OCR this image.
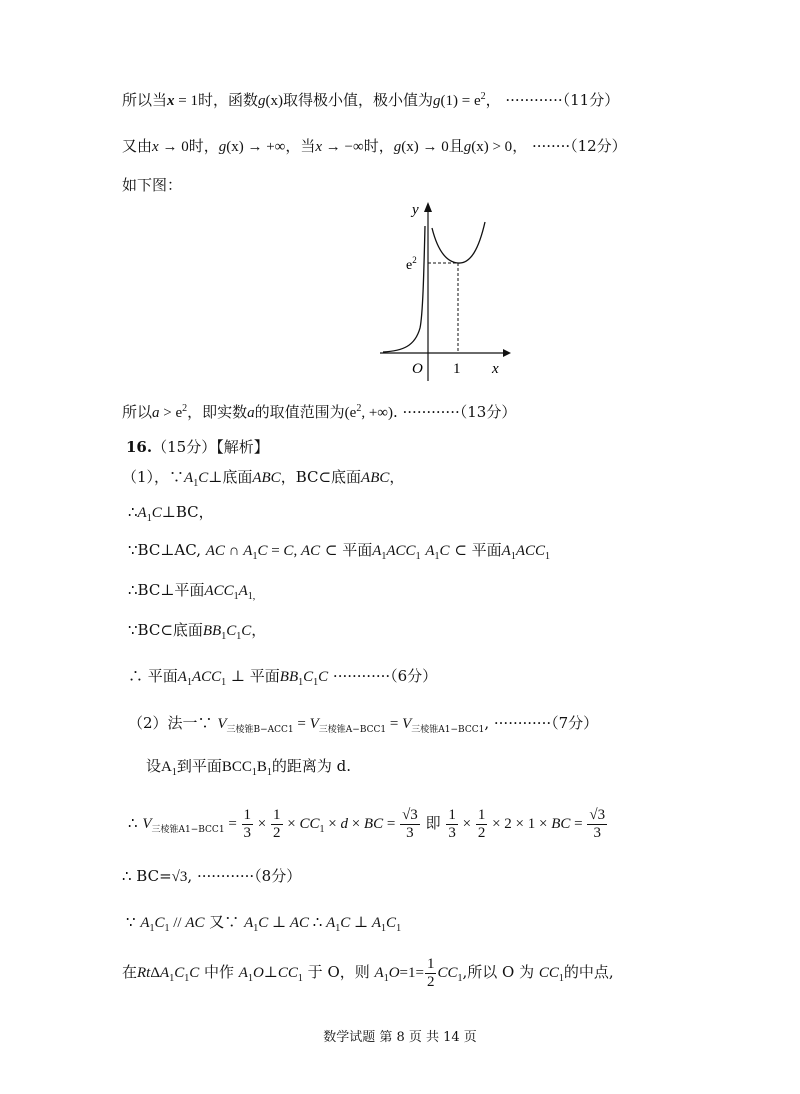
所以当x = 1时，函数g(x)取得极小值，极小值为$g(1) = e^2$， ············（11分）
又由x → 0时，g(x) → +∞，当x → −∞时，g(x) → 0且g(x) > 0， ········（12分）
如下图：
y
x
O 1
$e^2$
所以$a > e^2$，即实数a的取值范围为($e^2$, +∞). ············（13分）
16.（15分）【解析】
（1），$\because A_1C\perp$底面ABC，BC⊂底面ABC，
$\therefore A_1C\perp BC$，
∵BC⊥AC, AC ∩ $A_1C = C$, AC ⊂ 平面$A_1ACC_1$ $A_1C$ ⊂ 平面$A_1ACC_1$
∴BC⊥平面$ACC_1A_{1,}$
∵BC⊂底面$BB_1C_1C$，
∴ 平面$A_1ACC_1$ ⊥ 平面$BB_1C_1C \cdot\cdot\cdot\cdot\cdot\cdot\cdot\cdot\cdot\cdot\cdot\cdot(6$分）
（2）法一∵ $V_{三棱锥B-ACC1} = V_{三棱锥A-BCC1} = V_{三棱锥A1-BCC1}$, ············（7分）
设$A_1$到平面$BCC_1B_1$的距离为 d.
∴ $V_{三棱锥A1-BCC1} = \frac{1}{3} \times \frac{1}{2} \times CC_1 \times d$ × BC = $\frac{√3}{3}$ 即 $\frac{1}{3} \times \frac{1}{2} \times 2 \times 1$ × BC = $\frac{√3}{3}$
∴ BC=√3, ············（8分）
∵ $A_1C_1$ // AC 又∵ $A_1C$ ⊥ AC ∴ $A_1C$ ⊥ $A_1C_1$
在$Rt\Delta A_1C_1C$ 中作 $A_1O\perp CC_1$ 于 O，则 $A_1O=1= \frac{1}{2} CC_1$,所以 O 为 $CC_1$的中点,
数学试题 第 8 页 共 14 页
